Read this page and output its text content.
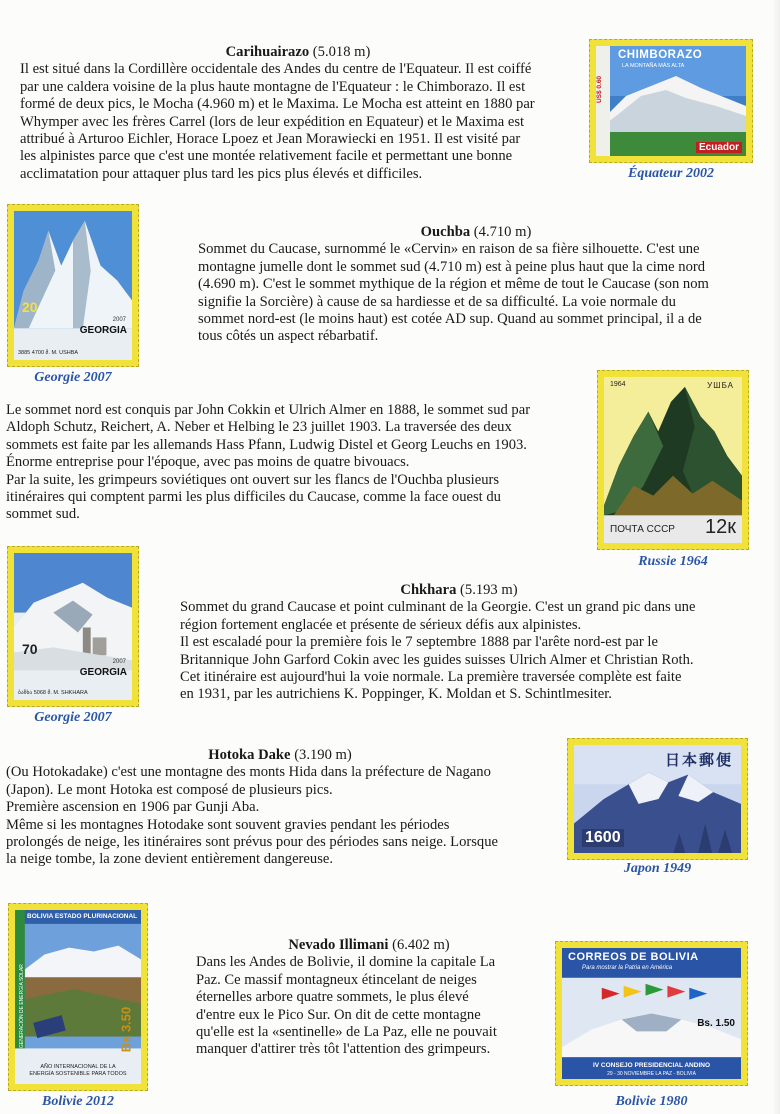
Carihuairazo (5.018 m)
Il est situé dans la Cordillère occidentale des Andes du centre de l'Equateur. Il est coiffé
par une caldera voisine de la plus haute montagne de l'Equateur : le Chimborazo. Il est
formé de deux pics, le Mocha (4.960 m) et le Maxima. Le Mocha est atteint en 1880 par
Whymper avec les frères Carrel (lors de leur expédition en Equateur) et le Maxima est
attribué à Arturoo Eichler, Horace Lpoez et Jean Morawiecki en 1951. Il est visité par
les alpinistes parce que c'est une montée relativement facile et permettant une bonne
acclimatation pour attaquer plus tard les pics plus élevés et difficiles.
CHIMBORAZO
LA MONTAÑA MÁS ALTA
US$ 0.60
Ecuador
Équateur 2002
20
2007
GEORGIA
3885 4700 მ. M. USHBA
Georgie 2007
Ouchba (4.710 m)
Sommet du Caucase, surnommé le «Cervin» en raison de sa fière silhouette. C'est une
montagne jumelle dont le sommet sud (4.710 m) est à peine plus haut que la cime nord
(4.690 m). C'est le sommet mythique de la région et même de tout le Caucase (son nom
signifie la Sorcière) à cause de sa hardiesse et de sa difficulté. La voie normale du
sommet nord-est (le moins haut) est cotée AD sup. Quand au sommet principal, il a de
tous côtés un aspect rébarbatif.
Le sommet nord est conquis par John Cokkin et Ulrich Almer en 1888, le sommet sud par
Aldoph Schutz, Reichert, A. Neber et Helbing le 23 juillet 1903. La traversée des deux
sommets est faite par les allemands Hass Pfann, Ludwig Distel et Georg Leuchs en 1903.
Énorme entreprise pour l'époque, avec pas moins de quatre bivouacs.
Par la suite, les grimpeurs soviétiques ont ouvert sur les flancs de l'Ouchba plusieurs
itinéraires qui comptent parmi les plus difficiles du Caucase, comme la face ouest du
sommet sud.
1964	УШБА
ПОЧТА СССР 12к
Russie 1964
70
2007
GEORGIA
ბაჩხა 5068 მ. M. SHKHARA
Georgie 2007
Chkhara (5.193 m)
Sommet du grand Caucase et point culminant de la Georgie. C'est un grand pic dans une
région fortement englacée et présente de sérieux défis aux alpinistes.
Il est escaladé pour la première fois le 7 septembre 1888 par l'arête nord-est par le
Britannique John Garford Cokin avec les guides suisses Ulrich Almer et Christian Roth.
Cet itinéraire est aujourd'hui la voie normale. La première traversée complète est faite
en 1931, par les autrichiens K. Poppinger, K. Moldan et S. Schintlmesiter.
Hotoka Dake (3.190 m)
(Ou Hotokadake) c'est une montagne des monts Hida dans la préfecture de Nagano
(Japon). Le mont Hotoka est composé de plusieurs pics.
Première ascension en 1906 par Gunji Aba.
Même si les montagnes Hotodake sont souvent gravies pendant les périodes
prolongés de neige, les itinéraires sont prévus pour des périodes sans neige. Lorsque
la neige tombe, la zone devient entièrement dangereuse.
日本郵便
1600
Japon 1949
BOLIVIA ESTADO PLURINACIONAL
GENERACIÓN DE ENERGÍA SOLAR	Bs 3.50
AÑO INTERNACIONAL DE LA ENERGÍA SOSTENIBLE PARA TODOS
Bolivie 2012
Nevado Illimani (6.402 m)
Dans les Andes de Bolivie, il domine la capitale La
Paz. Ce massif montagneux étincelant de neiges
éternelles arbore quatre sommets, le plus élevé
d'entre eux le Pico Sur. On dit de cette montagne
qu'elle est la «sentinelle» de La Paz, elle ne pouvait
manquer d'attirer très tôt l'attention des grimpeurs.
CORREOS DE BOLIVIA
Para mostrar la Patria en América
Bs. 1.50
IV CONSEJO PRESIDENCIAL ANDINO
29 - 30 NOVIEMBRE LA PAZ - BOLIVIA
Bolivie 1980
